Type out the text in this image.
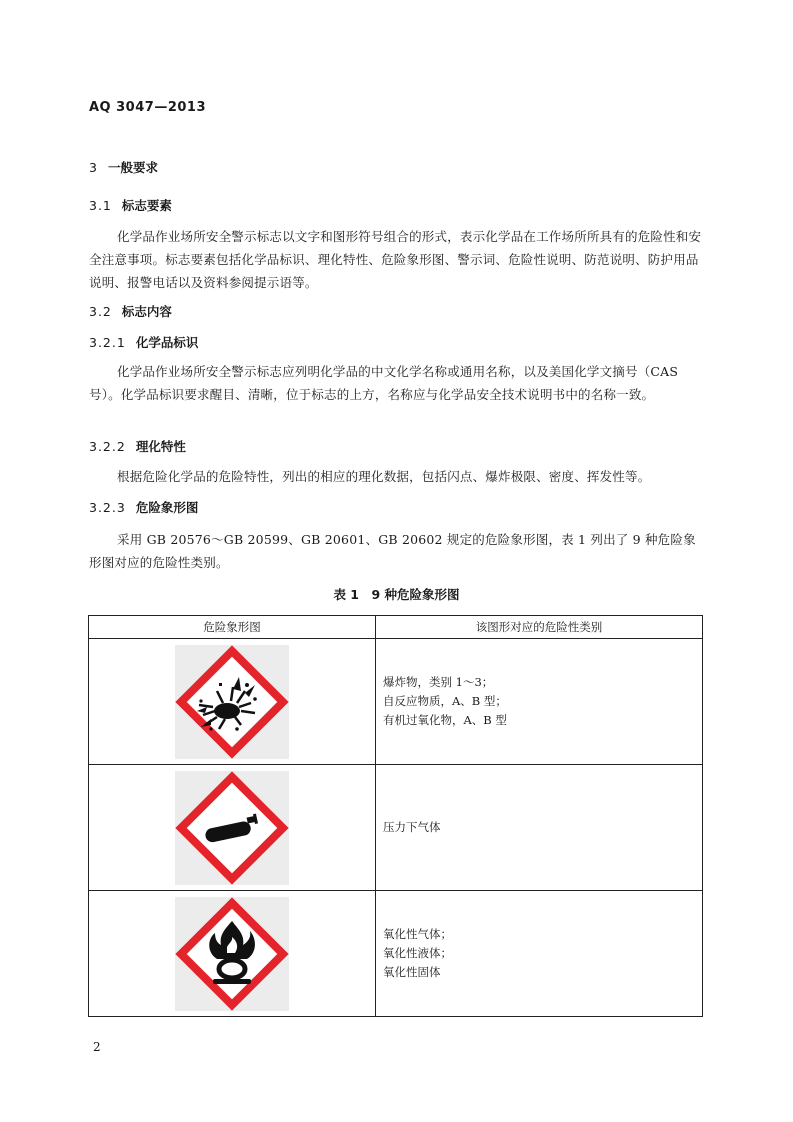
AQ 3047—2013
3 一般要求
3.1 标志要素
化学品作业场所安全警示标志以文字和图形符号组合的形式，表示化学品在工作场所所具有的危险性和安全注意事项。标志要素包括化学品标识、理化特性、危险象形图、警示词、危险性说明、防范说明、防护用品说明、报警电话以及资料参阅提示语等。
3.2 标志内容
3.2.1 化学品标识
化学品作业场所安全警示标志应列明化学品的中文化学名称或通用名称，以及美国化学文摘号（CAS号）。化学品标识要求醒目、清晰，位于标志的上方，名称应与化学品安全技术说明书中的名称一致。
3.2.2 理化特性
根据危险化学品的危险特性，列出的相应的理化数据，包括闪点、爆炸极限、密度、挥发性等。
3.2.3 危险象形图
采用 GB 20576～GB 20599、GB 20601、GB 20602 规定的危险象形图，表 1 列出了 9 种危险象形图对应的危险性类别。
表 1　9 种危险象形图
危险象形图	该图形对应的危险性类别

爆炸物，类别 1～3；
自反应物质，A、B 型；
有机过氧化物，A、B 型

压力下气体

氧化性气体；
氧化性液体；
氧化性固体
2
